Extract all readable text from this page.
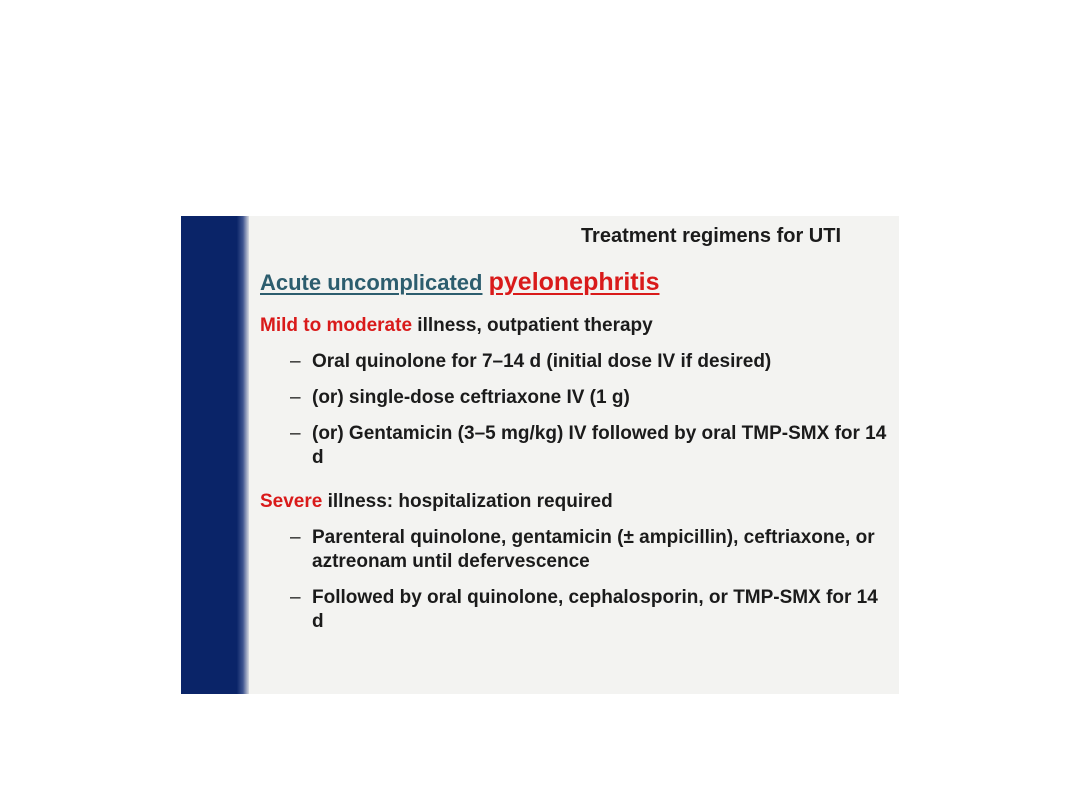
Treatment regimens for UTI
Acute uncomplicated pyelonephritis
Mild to moderate illness, outpatient therapy
– Oral quinolone for 7–14 d (initial dose IV if desired)
– (or) single-dose ceftriaxone IV (1 g)
– (or) Gentamicin (3–5 mg/kg) IV followed by oral TMP-SMX for 14 d
Severe illness: hospitalization required
– Parenteral quinolone, gentamicin (± ampicillin), ceftriaxone, or aztreonam until defervescence
– Followed by oral quinolone, cephalosporin, or TMP-SMX for 14 d
